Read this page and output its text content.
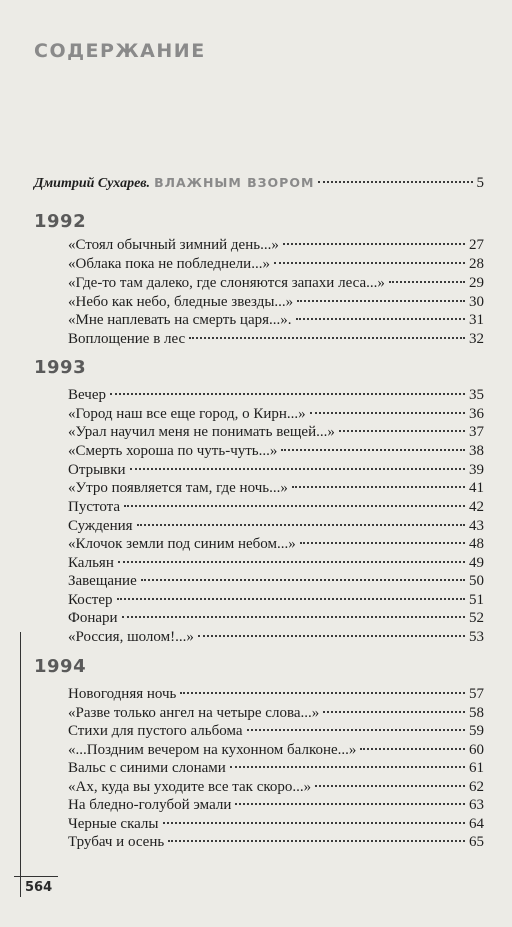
СОДЕРЖАНИЕ
Дмитрий Сухарев. ВЛАЖНЫМ ВЗОРОМ	5
1992
«Стоял обычный зимний день...»	27
«Облака пока не побледнели...»	28
«Где-то там далеко, где слоняются запахи леса...»	29
«Небо как небо, бледные звезды...»	30
«Мне наплевать на смерть царя...».	31
Воплощение в лес	32
1993
Вечер	35
«Город наш все еще город, о Кирн...»	36
«Урал научил меня не понимать вещей...»	37
«Смерть хороша по чуть-чуть...»	38
Отрывки	39
«Утро появляется там, где ночь...»	41
Пустота	42
Суждения	43
«Клочок земли под синим небом...»	48
Кальян	49
Завещание	50
Костер	51
Фонари	52
«Россия, шолом!...»	53
1994
Новогодняя ночь	57
«Разве только ангел на четыре слова...»	58
Стихи для пустого альбома	59
«...Поздним вечером на кухонном балконе...»	60
Вальс с синими слонами	61
«Ах, куда вы уходите все так скоро...»	62
На бледно-голубой эмали	63
Черные скалы	64
Трубач и осень	65
564
